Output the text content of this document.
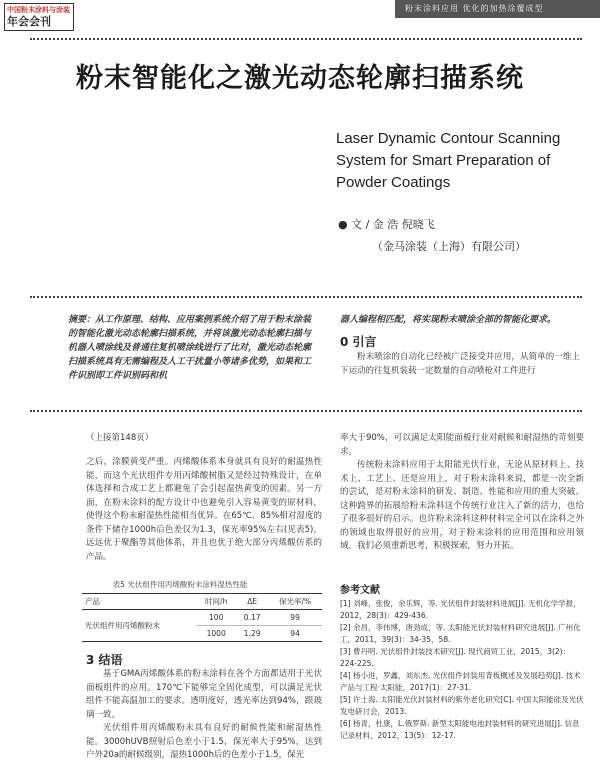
中国粉末涂料与涂装
年会会刊
粉末涂料应用 优化的加热涂覆成型
粉末智能化之激光动态轮廓扫描系统
Laser Dynamic Contour Scanning
System for Smart Preparation of
Powder Coatings
● 文 / 金 浩 倪晓飞
（金马涂装（上海）有限公司）
摘要：从工作原理、结构、应用案例系统介绍了用于粉末涂装的智能化激光动态轮廓扫描系统，并将该激光动态轮廓扫描与机器人喷涂线及普通往复机喷涂线进行了比对，激光动态轮廓扫描系统具有无需编程及人工干扰量小等诸多优势，如果和工件识别即工件识别码和机
器人编程相匹配，将实现粉末喷涂全部的智能化要求。
0 引言

粉末喷涂的自动化已经被广泛接受并应用，从简单的一维上下运动的往复机装载一定数量的自动喷枪对工件进行

（上接第148页）

之后，涂膜黄变严重。丙烯酸体系本身就具有良好的耐温热性能，而这个光伏组件专用丙烯酸树脂又是经过特殊设计，在单体选择和合成工艺上都避免了会引起湿热黄变的因素。另一方面，在粉末涂料的配方设计中也避免引入容易黄变的原材料，使得这个粉末耐湿热性能相当优异。在65℃、85%相对湿度的条件下储存1000h后色差仅为1.3，保光率95%左右(见表5)，远远优于聚酯等其他体系，并且也优于绝大部分丙烯酸仿系的产品。

表5 光伏组件用丙烯酸粉末涂料湿热性能
产品	时间/h	ΔE	保光率/%
光伏组件用丙烯酸粉末	100	0.17	99
	1000	1.29	94
3 结语

基于GMA丙烯酸体系的粉末涂料在各个方面都适用于光伏面板组件的应用。170℃下能够完全固化成型，可以满足光伏组件不能高温加工的要求。透明度好，透光率达到94%，跟玻璃一致。

光伏组件用丙烯酸粉末具有良好的耐候性能和耐湿热性能。3000hUVB照射后色差小于1.5，保光率大于95%，达到户外20a的耐候级别，湿热1000h后的色差小于1.5，保光

率大于90%，可以满足太阳能面板行业对耐候和耐湿热的苛刻要求。

传统粉末涂料应用于太阳能光伏行业，无论从原材料上、技术上、工艺上、还是应用上，对于粉末涂料来说，都是一次全新的尝试，是对粉末涂料的研发、制造、性能和应用的重大突破。这种跨界的拓展给粉末涂料这个传统行业注入了新的活力，也给了很多很好的启示。也许粉末涂料这种材料完全可以在涂料之外的领域也取得很好的应用，对于粉末涂料的应用范围和应用领域，我们必须重新思考，积极探索，努力开拓。

参考文献
[1] 刘峰，张俊，余乐辉，等. 光伏组件封装材料进展[J]. 无机化学学报，2012，28(3)：429-436.
[2] 余昌，李伟博，唐劲成，等. 太阳能光伏封装材料研究进展[J]. 广州化工，2011，39(3)：34-35，58.
[3] 曹丹明. 光伏组件封装技术研究[J]. 现代商贸工业，2015，3(2)：224-225.
[4] 杨小进，罗鑫，刘东杰. 光伏组件封装用背板概述及发展趋势[J]. 技术产品与工程·太阳能，2017(1)：27-31.
[5] 许士海. 太阳能光伏封装材料的紫外老化研究[C]. 中国太阳能硅及光伏发电研讨会，2013.
[6] 杨青，杜康，L.俄罗斯. 新型太阳能电池封装材料的研究进展[J]. 信息记录材料，2012，13(5)：12-17.
